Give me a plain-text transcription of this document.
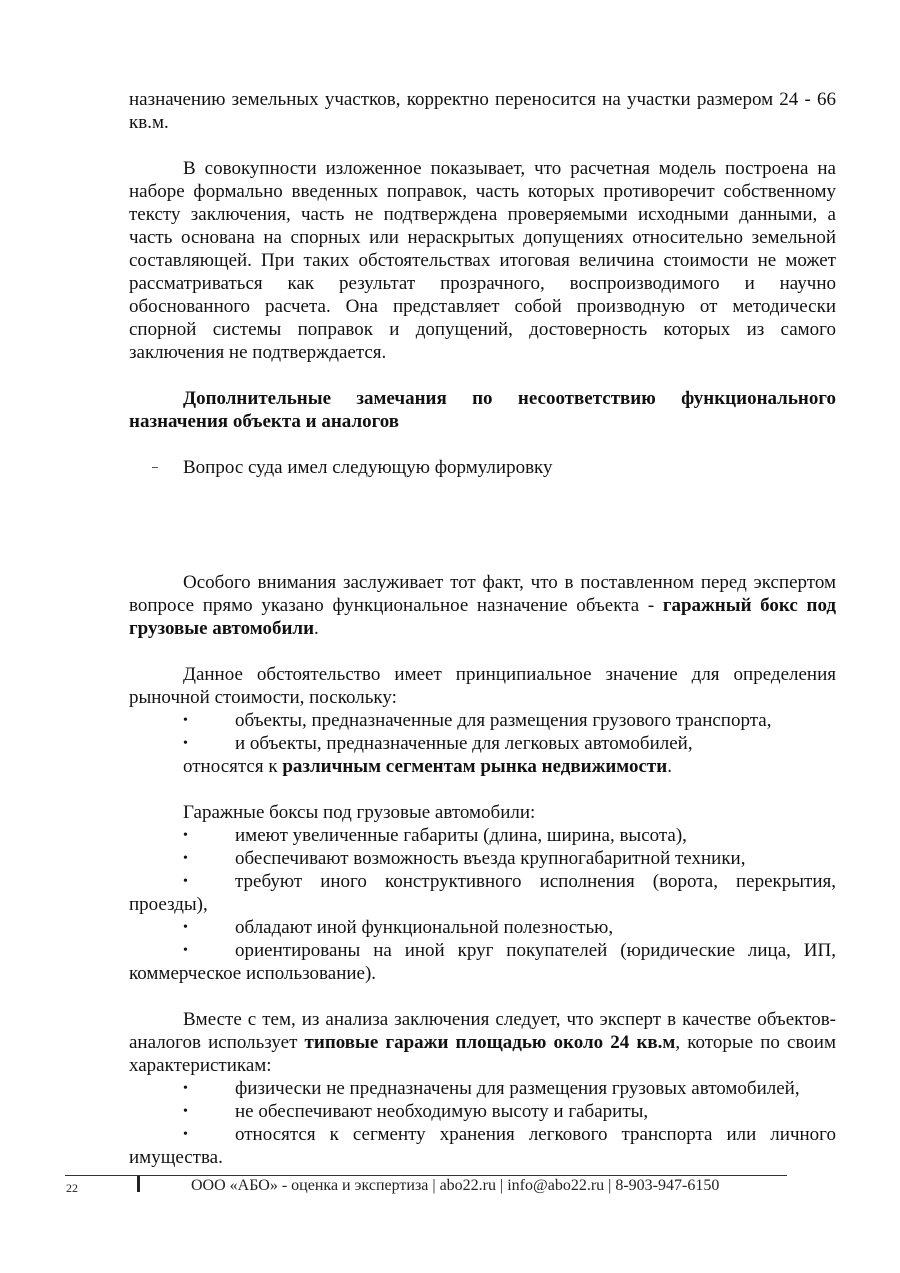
назначению земельных участков, корректно переносится на участки размером 24 - 66 кв.м.

В совокупности изложенное показывает, что расчетная модель построена на наборе формально введенных поправок, часть которых противоречит собственному тексту заключения, часть не подтверждена проверяемыми исходными данными, а часть основана на спорных или нераскрытых допущениях относительно земельной составляющей. При таких обстоятельствах итоговая величина стоимости не может рассматриваться как результат прозрачного, воспроизводимого и научно обоснованного расчета. Она представляет собой производную от методически спорной системы поправок и допущений, достоверность которых из самого заключения не подтверждается.

Дополнительные замечания по несоответствию функционального назначения объекта и аналогов

Вопрос суда имел следующую формулировку

Особого внимания заслуживает тот факт, что в поставленном перед экспертом вопросе прямо указано функциональное назначение объекта - гаражный бокс под грузовые автомобили.

Данное обстоятельство имеет принципиальное значение для определения рыночной стоимости, поскольку:

• объекты, предназначенные для размещения грузового транспорта,
• и объекты, предназначенные для легковых автомобилей,

относятся к различным сегментам рынка недвижимости.

Гаражные боксы под грузовые автомобили:

• имеют увеличенные габариты (длина, ширина, высота),
• обеспечивают возможность въезда крупногабаритной техники,
• требуют иного конструктивного исполнения (ворота, перекрытия, проезды),
• обладают иной функциональной полезностью,
• ориентированы на иной круг покупателей (юридические лица, ИП, коммерческое использование).

Вместе с тем, из анализа заключения следует, что эксперт в качестве объектов-аналогов использует типовые гаражи площадью около 24 кв.м, которые по своим характеристикам:

• физически не предназначены для размещения грузовых автомобилей,
• не обеспечивают необходимую высоту и габариты,
• относятся к сегменту хранения легкового транспорта или личного имущества.
22	ООО «АБО» - оценка и экспертиза | abo22.ru | info@abo22.ru | 8-903-947-6150
